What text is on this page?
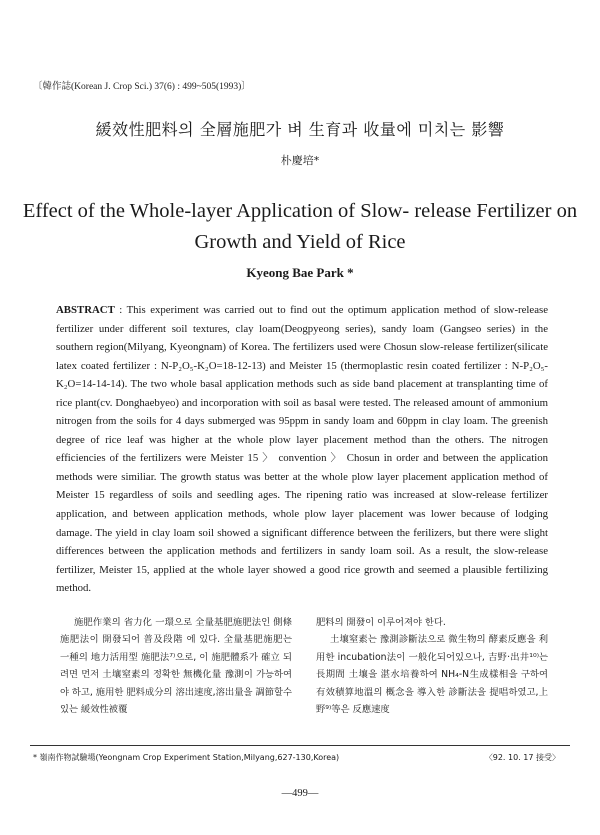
〔韓作誌(Korean J. Crop Sci.) 37(6) : 499~505(1993)〕
緩效性肥料의 全層施肥가 벼 生育과 收量에 미치는 影響
朴慶培*
Effect of the Whole-layer Application of Slow- release Fertilizer on Growth and Yield of Rice
Kyeong Bae Park *
ABSTRACT : This experiment was carried out to find out the optimum application method of slow-release fertilizer under different soil textures, clay loam(Deogpyeong series), sandy loam (Gangseo series) in the southern region(Milyang, Kyeongnam) of Korea. The fertilizers used were Chosun slow-release fertilizer(silicate latex coated fertilizer : N-P₂O₅-K₂O=18-12-13) and Meister 15 (thermoplastic resin coated fertilizer : N-P₂O₅-K₂O=14-14-14). The two whole basal application methods such as side band placement at transplanting time of rice plant(cv. Donghaebyeo) and incorporation with soil as basal were tested. The released amount of ammonium nitrogen from the soils for 4 days submerged was 95ppm in sandy loam and 60ppm in clay loam. The greenish degree of rice leaf was higher at the whole plow layer placement method than the others. The nitrogen efficiencies of the fertilizers were Meister 15 〉 convention 〉 Chosun in order and between the application methods were similiar. The growth status was better at the whole plow layer placement application method of Meister 15 regardless of soils and seedling ages. The ripening ratio was increased at slow-release fertilizer application, and between application methods, whole plow layer placement was lower because of lodging damage. The yield in clay loam soil showed a significant difference between the ferilizers, but there were slight differences between the application methods and fertilizers in sandy loam soil. As a result, the slow-release fertilizer, Meister 15, applied at the whole layer showed a good rice growth and seemed a plausible fertilizing method.

施肥作業의 省力化 一環으로 全量基肥施肥法인 側條施肥法이 開發되어 普及段階 에 있다. 全量基肥施肥는 一種의 地力活用型 施肥法⁷⁾으로, 이 施肥體系가 確立 되려면 먼저 土壤窒素의 정확한 無機化量 豫測이 가능하여야 하고, 施用한 肥料成分의 溶出速度,溶出量을 調節할수 있는 緩效性被覆

肥料의 開發이 이루어져야 한다.

土壤窒素는 豫測診斷法으로 微生物의 酵素反應을 利用한 incubation法이 一般化되어있으나, 吉野·出井¹⁰⁾는 長期間 土壤을 湛水培養하여 NH₄-N生成樣相을 구하여 有效積算地溫의 概念을 導入한 診斷法을 提唱하였고,上野⁹⁾等은 反應速度

* 嶺南作物試驗場(Yeongnam Crop Experiment Station,Milyang,627-130,Korea)	〈92. 10. 17 接受〉
—499—
